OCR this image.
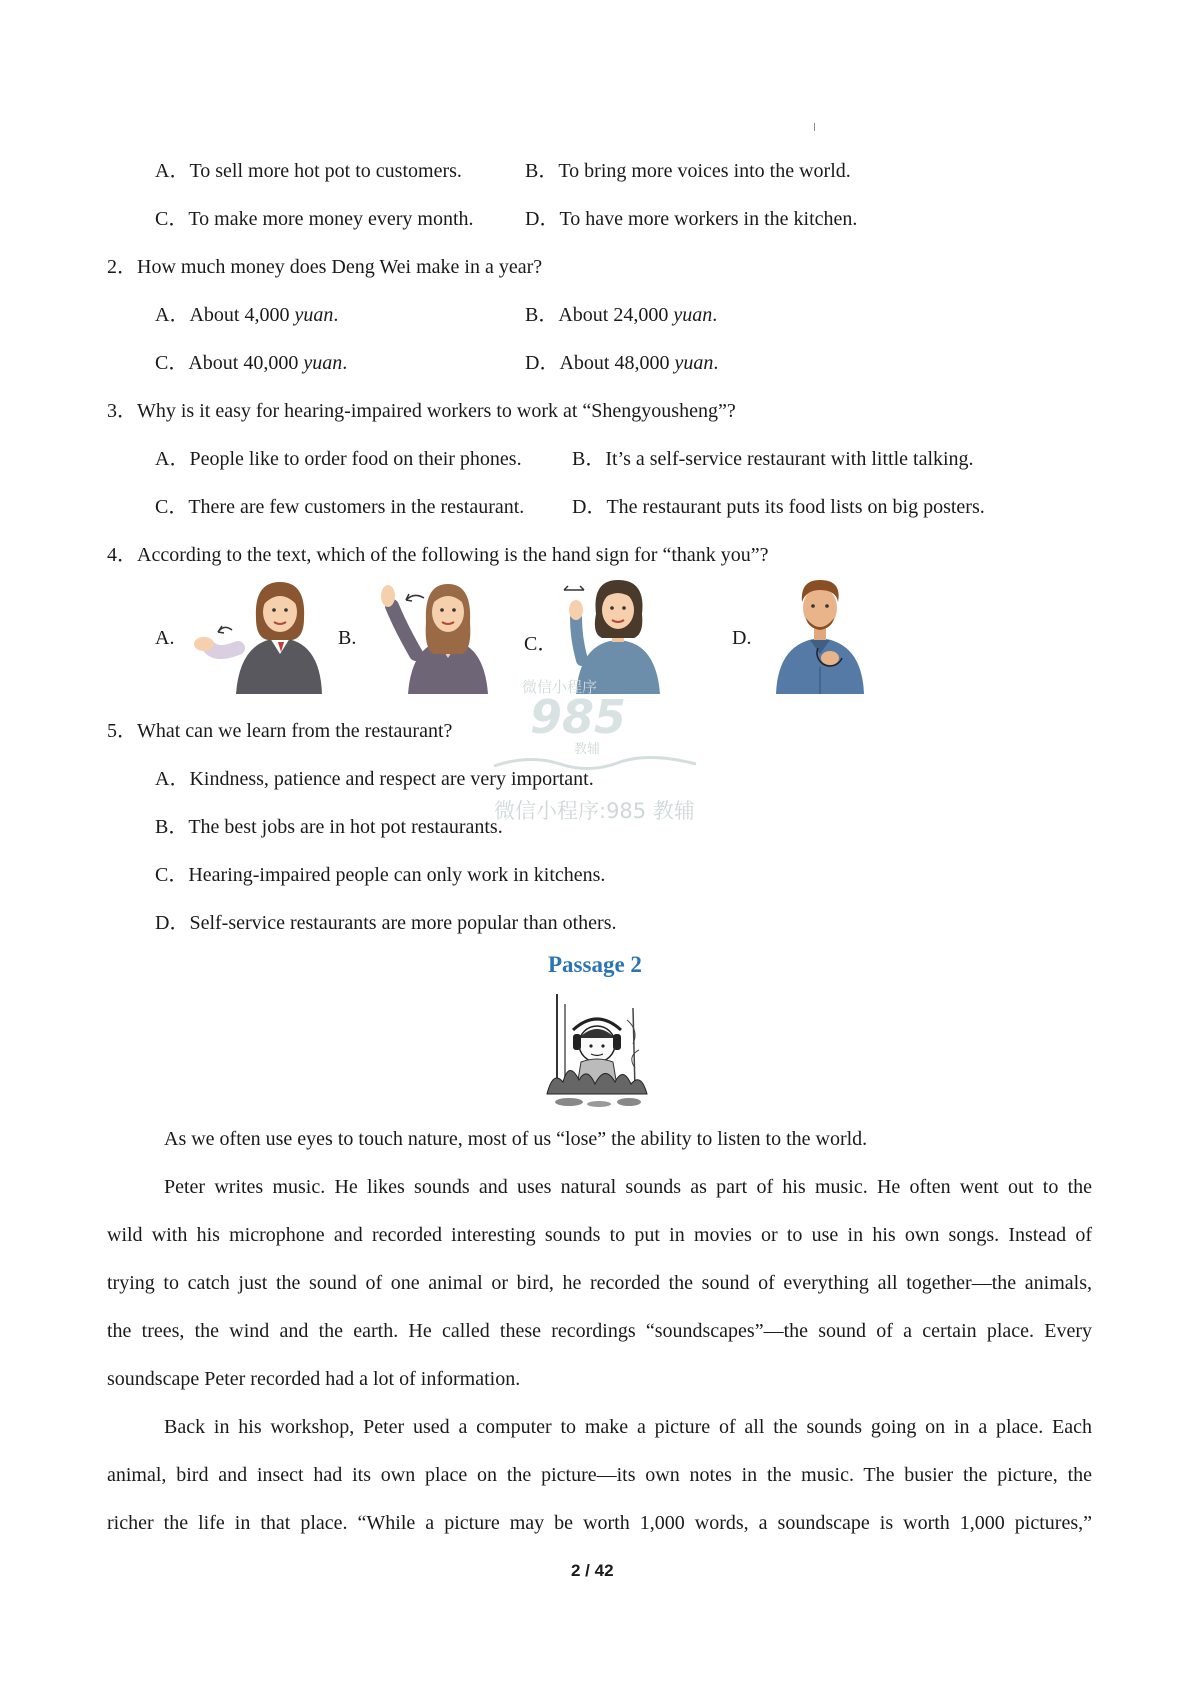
A．To sell more hot pot to customers.	B．To bring more voices into the world.
C．To make more money every month.	D．To have more workers in the kitchen.
2．How much money does Deng Wei make in a year?
A．About 4,000 yuan.	B．About 24,000 yuan.
C．About 40,000 yuan.	D．About 48,000 yuan.
3．Why is it easy for hearing-impaired workers to work at “Shengyousheng”?
A．People like to order food on their phones.	B．It’s a self-service restaurant with little talking.
C．There are few customers in the restaurant. D．The restaurant puts its food lists on big posters.
4．According to the text, which of the following is the hand sign for “thank you”?
A.	B.	C．	D.
微信小程序
985
教辅
微信小程序:985 教辅
5．What can we learn from the restaurant?
A．Kindness, patience and respect are very important.
B．The best jobs are in hot pot restaurants.
C．Hearing-impaired people can only work in kitchens.
D．Self-service restaurants are more popular than others.
Passage 2
As we often use eyes to touch nature, most of us “lose” the ability to listen to the world.
Peter writes music. He likes sounds and uses natural sounds as part of his music. He often went out to the
wild with his microphone and recorded interesting sounds to put in movies or to use in his own songs. Instead of
trying to catch just the sound of one animal or bird, he recorded the sound of everything all together—the animals,
the trees, the wind and the earth. He called these recordings “soundscapes”—the sound of a certain place. Every
soundscape Peter recorded had a lot of information.
Back in his workshop, Peter used a computer to make a picture of all the sounds going on in a place. Each
animal, bird and insect had its own place on the picture—its own notes in the music. The busier the picture, the
richer the life in that place. “While a picture may be worth 1,000 words, a soundscape is worth 1,000 pictures,”
2 / 42
